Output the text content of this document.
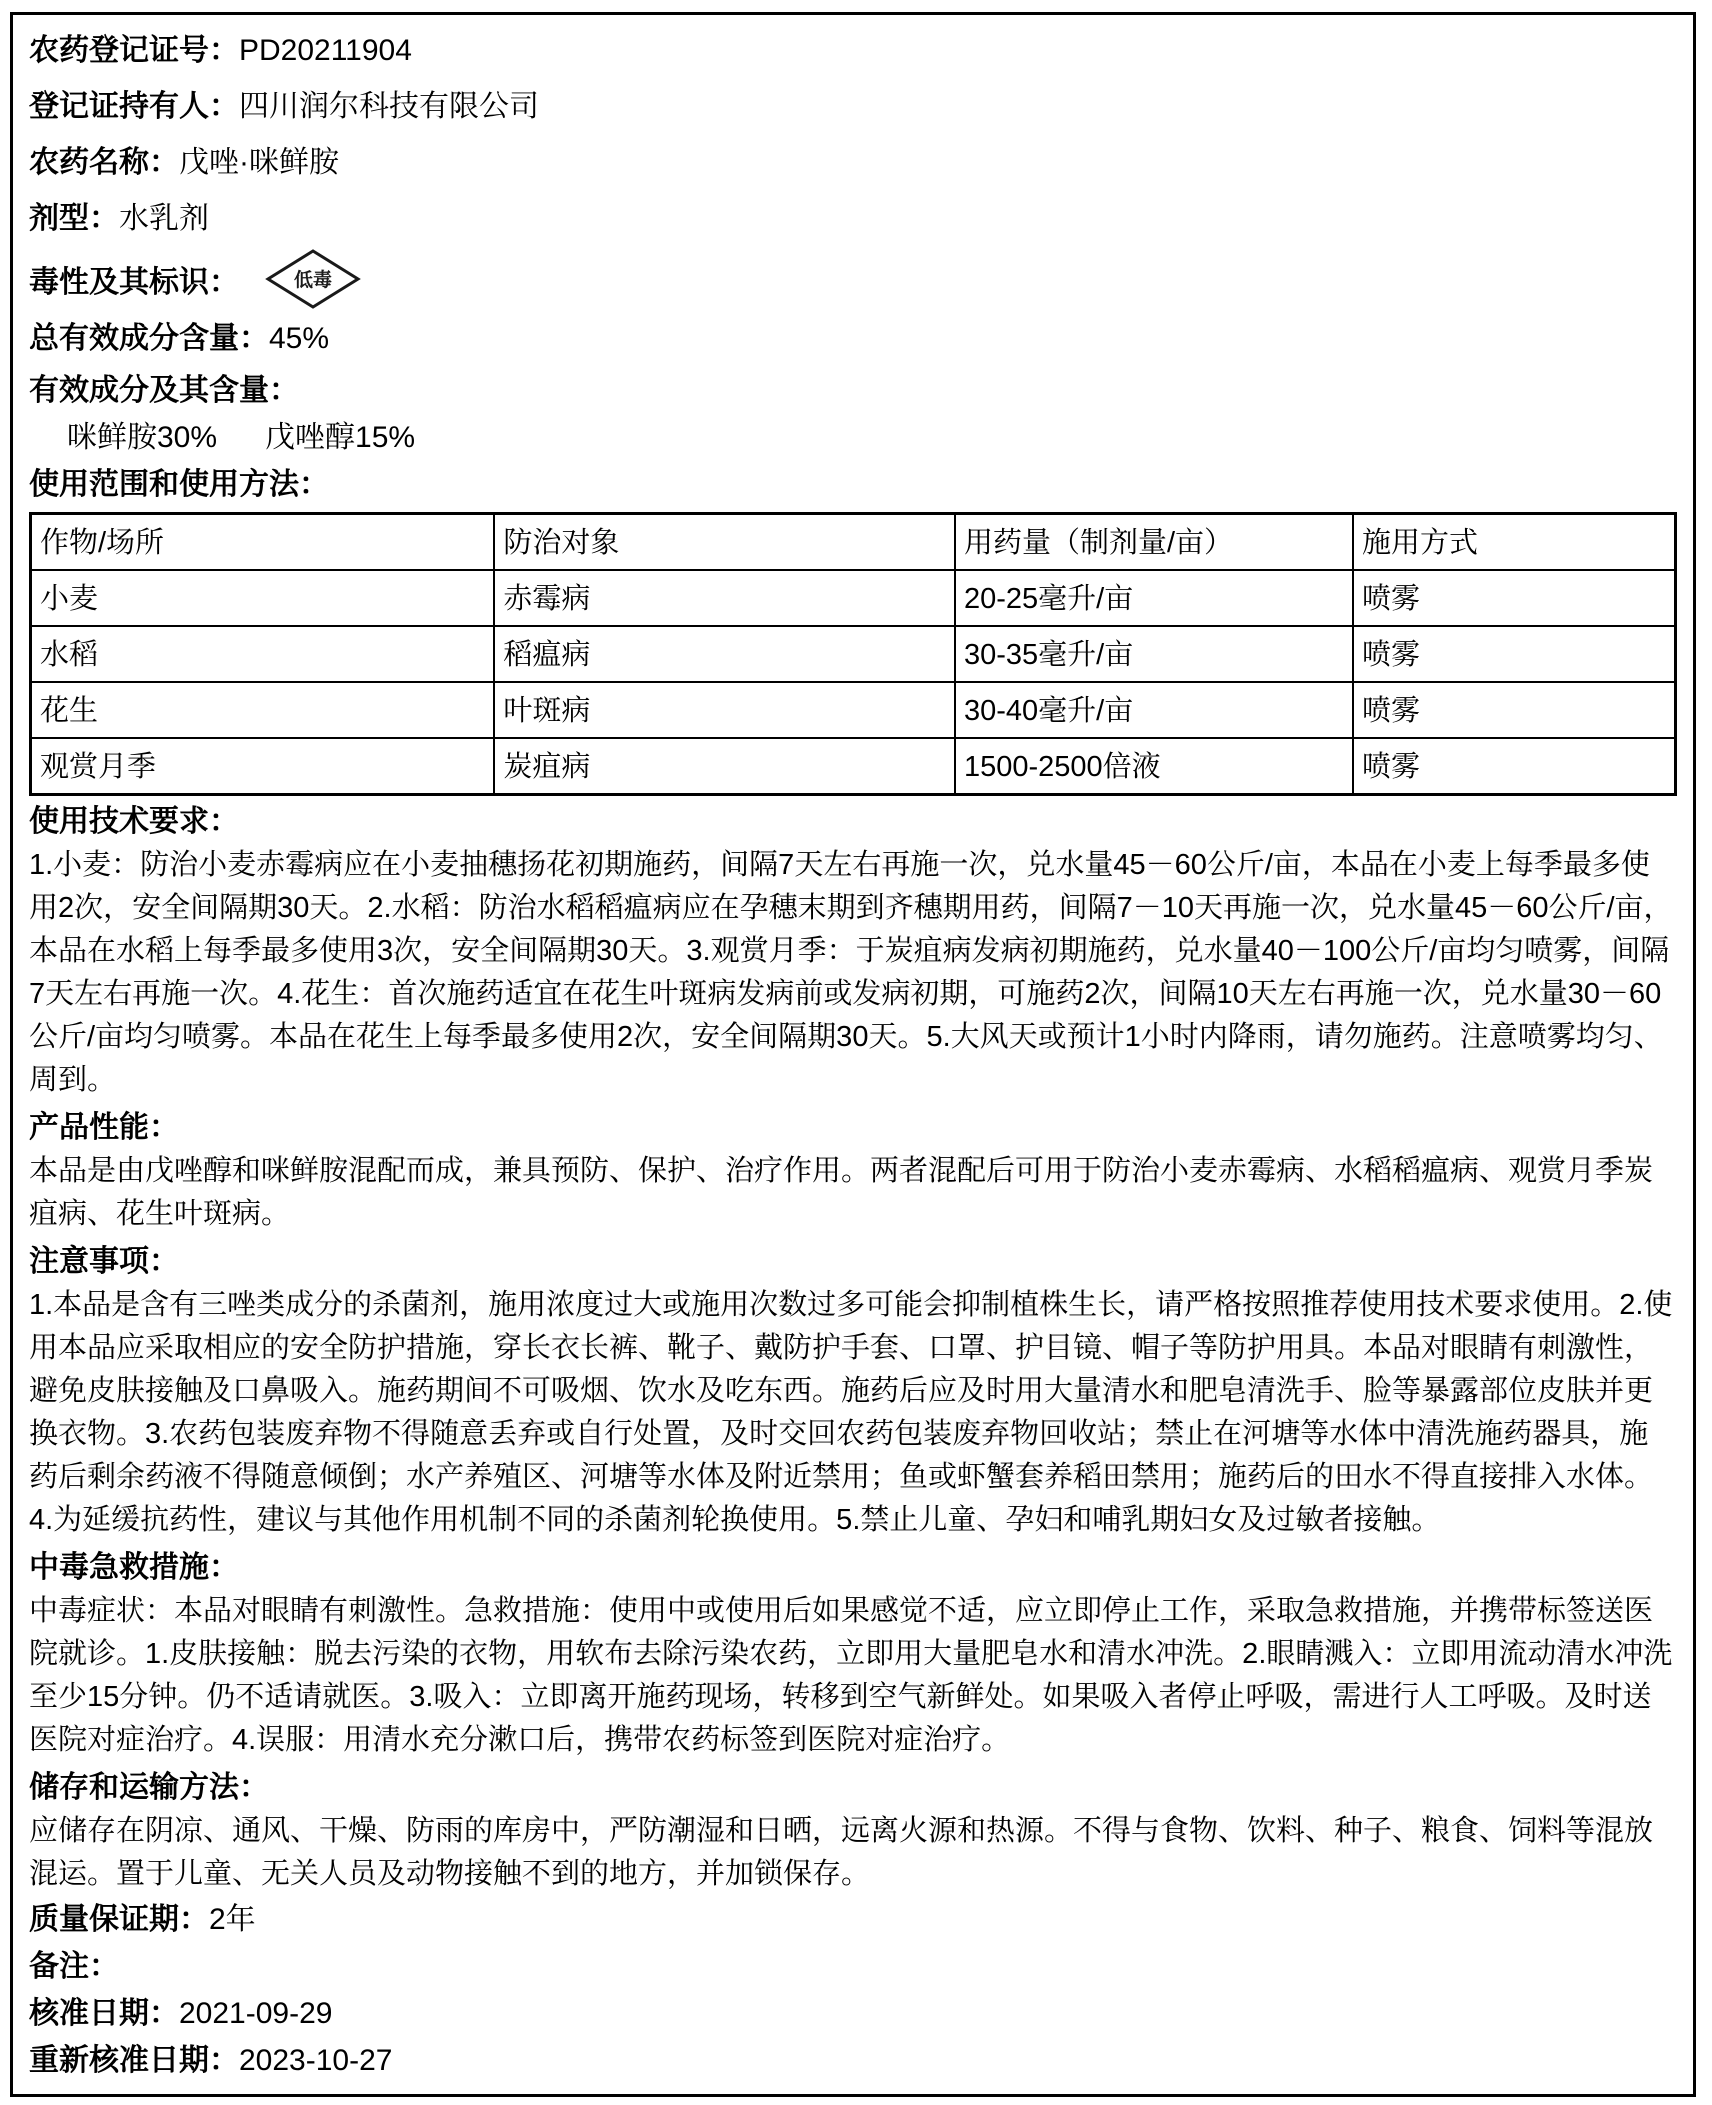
农药登记证号：PD20211904
登记证持有人：四川润尔科技有限公司
农药名称：戊唑·咪鲜胺
剂型：水乳剂
毒性及其标识：	低毒
总有效成分含量：45%
有效成分及其含量：
咪鲜胺30% 戊唑醇15%
使用范围和使用方法：
作物/场所	防治对象	用药量（制剂量/亩）	施用方式
小麦	赤霉病	20-25毫升/亩	喷雾
水稻	稻瘟病	30-35毫升/亩	喷雾
花生	叶斑病	30-40毫升/亩	喷雾
观赏月季	炭疽病	1500-2500倍液	喷雾
使用技术要求：
1.小麦：防治小麦赤霉病应在小麦抽穗扬花初期施药，间隔7天左右再施一次，兑水量45－60公斤/亩，本品在小麦上每季最多使用2次，安全间隔期30天。2.水稻：防治水稻稻瘟病应在孕穗末期到齐穗期用药，间隔7－10天再施一次，兑水量45－60公斤/亩，本品在水稻上每季最多使用3次，安全间隔期30天。3.观赏月季：于炭疽病发病初期施药，兑水量40－100公斤/亩均匀喷雾，间隔7天左右再施一次。4.花生：首次施药适宜在花生叶斑病发病前或发病初期，可施药2次，间隔10天左右再施一次，兑水量30－60公斤/亩均匀喷雾。本品在花生上每季最多使用2次，安全间隔期30天。5.大风天或预计1小时内降雨，请勿施药。注意喷雾均匀、周到。
产品性能：
本品是由戊唑醇和咪鲜胺混配而成，兼具预防、保护、治疗作用。两者混配后可用于防治小麦赤霉病、水稻稻瘟病、观赏月季炭疽病、花生叶斑病。
注意事项：
1.本品是含有三唑类成分的杀菌剂，施用浓度过大或施用次数过多可能会抑制植株生长，请严格按照推荐使用技术要求使用。2.使用本品应采取相应的安全防护措施，穿长衣长裤、靴子、戴防护手套、口罩、护目镜、帽子等防护用具。本品对眼睛有刺激性，避免皮肤接触及口鼻吸入。施药期间不可吸烟、饮水及吃东西。施药后应及时用大量清水和肥皂清洗手、脸等暴露部位皮肤并更换衣物。3.农药包装废弃物不得随意丢弃或自行处置，及时交回农药包装废弃物回收站；禁止在河塘等水体中清洗施药器具，施药后剩余药液不得随意倾倒；水产养殖区、河塘等水体及附近禁用；鱼或虾蟹套养稻田禁用；施药后的田水不得直接排入水体。4.为延缓抗药性，建议与其他作用机制不同的杀菌剂轮换使用。5.禁止儿童、孕妇和哺乳期妇女及过敏者接触。
中毒急救措施：
中毒症状：本品对眼睛有刺激性。急救措施：使用中或使用后如果感觉不适，应立即停止工作，采取急救措施，并携带标签送医院就诊。1.皮肤接触：脱去污染的衣物，用软布去除污染农药，立即用大量肥皂水和清水冲洗。2.眼睛溅入：立即用流动清水冲洗至少15分钟。仍不适请就医。3.吸入：立即离开施药现场，转移到空气新鲜处。如果吸入者停止呼吸，需进行人工呼吸。及时送医院对症治疗。4.误服：用清水充分漱口后，携带农药标签到医院对症治疗。
储存和运输方法：
应储存在阴凉、通风、干燥、防雨的库房中，严防潮湿和日晒，远离火源和热源。不得与食物、饮料、种子、粮食、饲料等混放混运。置于儿童、无关人员及动物接触不到的地方，并加锁保存。
质量保证期：2年
备注：
核准日期：2021-09-29
重新核准日期：2023-10-27
